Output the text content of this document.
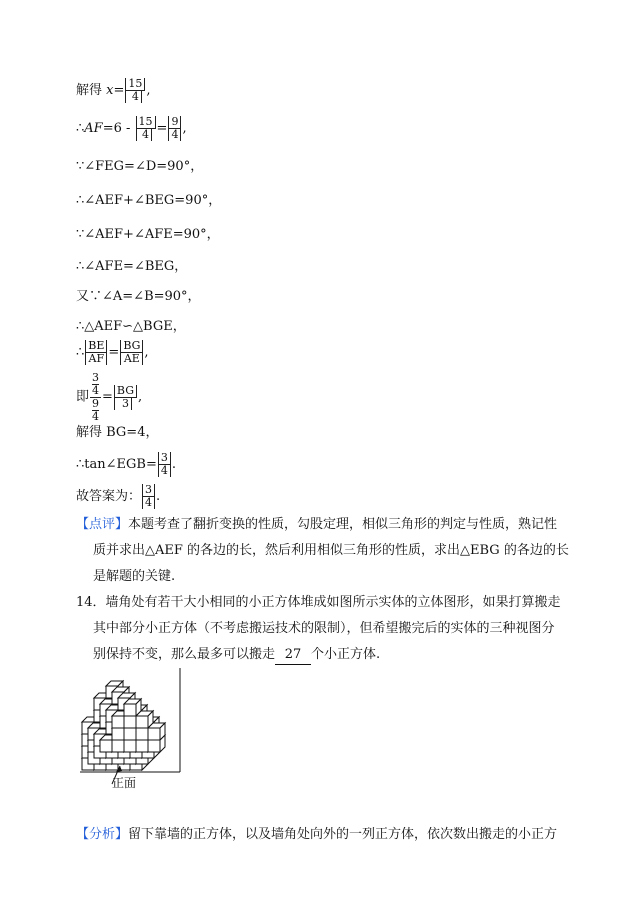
解得 $x= \frac{15}{4}$ ,
∴AF=6 - $\frac{15}{4} = \frac{9}{4}$ ,
∵∠FEG=∠D=90°，
∴∠AEF+∠BEG=90°，
∵∠AEF+∠AFE=90°，
∴∠AFE=∠BEG，
又∵∠A=∠B=90°，
∴△AEF∽△BGE，
∴ $\frac{BE}{AF} = \frac{BG}{AE}$ ,
即 $\frac{\frac{3}{4}}{\frac{9}{4}} = \frac{BG}{3}$ ,
解得 BG=4，
∴tan∠EGB= $\frac{3}{4}$ .
故答案为： $\frac{3}{4}$ .
【点评】本题考查了翻折变换的性质，勾股定理，相似三角形的判定与性质，熟记性
质并求出△AEF 的各边的长，然后利用相似三角形的性质，求出△EBG 的各边的长
是解题的关键.
14．墙角处有若干大小相同的小正方体堆成如图所示实体的立体图形，如果打算搬走
其中部分小正方体（不考虑搬运技术的限制），但希望搬完后的实体的三种视图分
别保持不变，那么最多可以搬走 27 个小正方体.
正面
【分析】留下靠墙的正方体，以及墙角处向外的一列正方体，依次数出搬走的小正方
